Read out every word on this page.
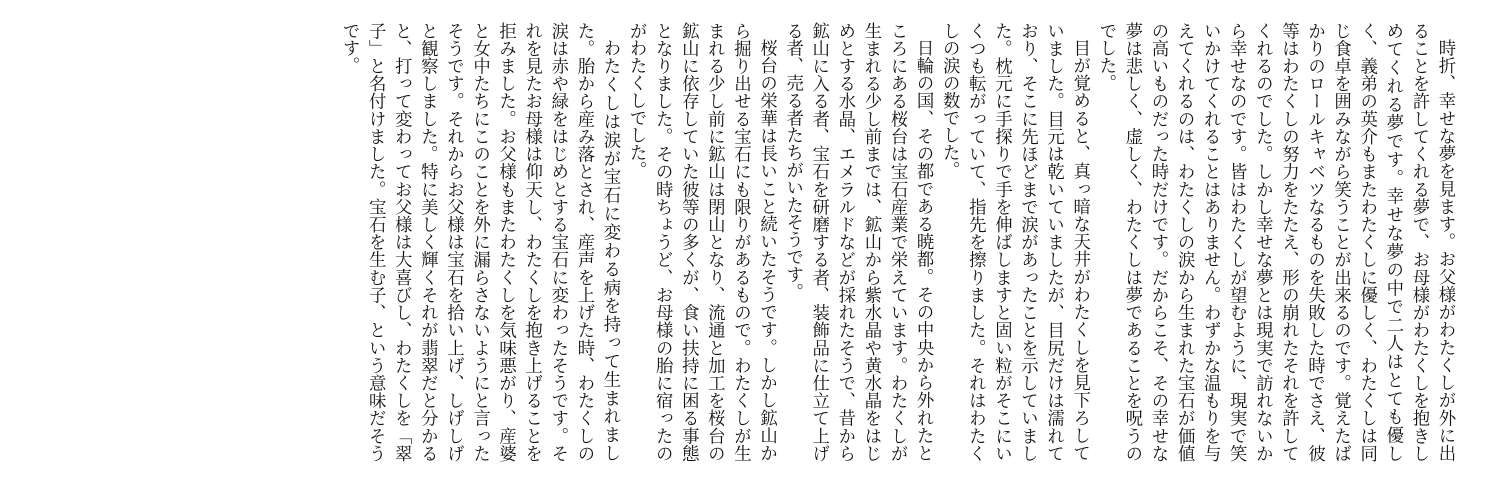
時折、幸せな夢を見ます。お父様がわたくしが外に出ることを許してくれる夢で、お母様がわたくしを抱きしめてくれる夢です。幸せな夢の中で二人はとても優しく、義弟の英介もまたわたくしに優しく、わたくしは同じ食卓を囲みながら笑うことが出来るのです。覚えたばかりのロールキャベツなるものを失敗した時でさえ、彼等はわたくしの努力をたたえ、形の崩れたそれを許してくれるのでした。しかし幸せな夢とは現実で訪れないから幸せなのです。皆はわたくしが望むように、現実で笑いかけてくれることはありません。わずかな温もりを与えてくれるのは、わたくしの涙から生まれた宝石が価値の高いものだった時だけです。だからこそ、その幸せな夢は悲しく、虚しく、わたくしは夢であることを呪うのでした。

目が覚めると、真っ暗な天井がわたくしを見下ろしていました。目元は乾いていましたが、目尻だけは濡れており、そこに先ほどまで涙があったことを示していました。枕元に手探りで手を伸ばしますと固い粒がそこにいくつも転がっていて、指先を擦りました。それはわたくしの涙の数でした。

日輪の国、その都である暁都。その中央から外れたところにある桜台は宝石産業で栄えています。わたくしが生まれる少し前までは、鉱山から紫水晶や黄水晶をはじめとする水晶、エメラルドなどが採れたそうで、昔から鉱山に入る者、宝石を研磨する者、装飾品に仕立て上げる者、売る者たちがいたそうです。

桜台の栄華は長いこと続いたそうです。しかし鉱山から掘り出せる宝石にも限りがあるもので。わたくしが生まれる少し前に鉱山は閉山となり、流通と加工を桜台の鉱山に依存していた彼等の多くが、食い扶持に困る事態となりました。その時ちょうど、お母様の胎に宿ったのがわたくしでした。

わたくしは涙が宝石に変わる病を持って生まれました。胎から産み落とされ、産声を上げた時、わたくしの涙は赤や緑をはじめとする宝石に変わったそうです。それを見たお母様は仰天し、わたくしを抱き上げることを拒みました。お父様もまたわたくしを気味悪がり、産婆と女中たちにこのことを外に漏らさないようにと言ったそうです。それからお父様は宝石を拾い上げ、しげしげと観察しました。特に美しく輝くそれが翡翠だと分かると、打って変わってお父様は大喜びし、わたくしを「翠子」と名付けました。宝石を生む子、という意味だそうです。
